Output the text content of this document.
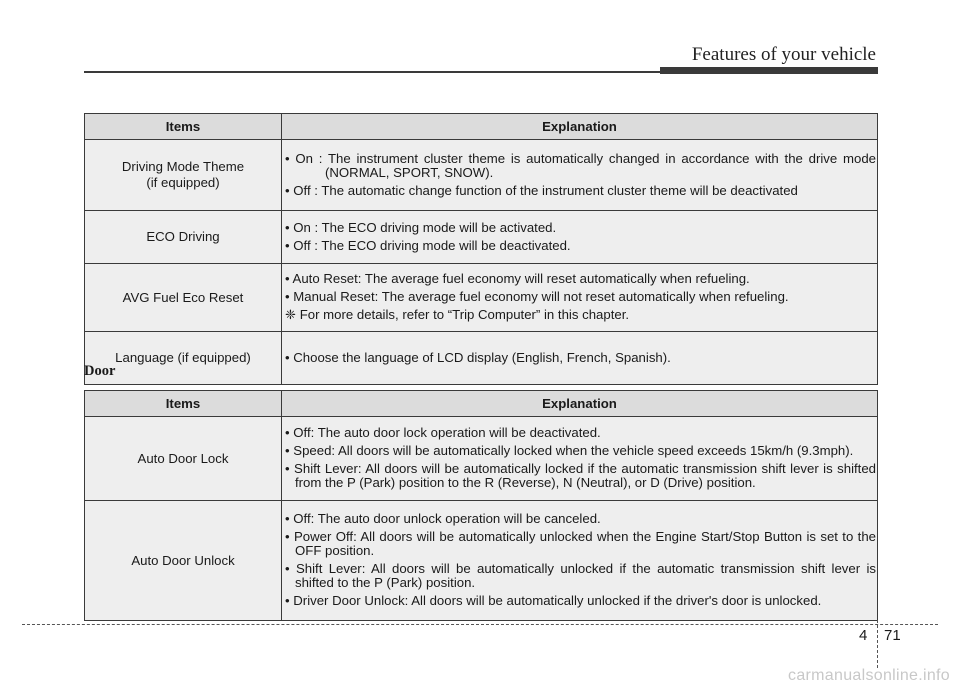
Features of your vehicle
Items	Explanation
Driving Mode Theme
(if equipped)	• On : The instrument cluster theme is automatically changed in accordance with the drive mode (NORMAL, SPORT, SNOW).
• Off : The automatic change function of the instrument cluster theme will be deactivated

ECO Driving	• On : The ECO driving mode will be activated.
• Off : The ECO driving mode will be deactivated.

AVG Fuel Eco Reset	• Auto Reset: The average fuel economy will reset automatically when refueling.
• Manual Reset: The average fuel economy will not reset automatically when refueling.
❈ For more details, refer to “Trip Computer” in this chapter.

Language (if equipped)	• Choose the language of LCD display (English, French, Spanish).
Door
Items	Explanation
Auto Door Lock	• Off: The auto door lock operation will be deactivated.
• Speed: All doors will be automatically locked when the vehicle speed exceeds 15km/h (9.3mph).
• Shift Lever: All doors will be automatically locked if the automatic transmission shift lever is shifted from the P (Park) position to the R (Reverse), N (Neutral), or D (Drive) position.

Auto Door Unlock	• Off: The auto door unlock operation will be canceled.
• Power Off: All doors will be automatically unlocked when the Engine Start/Stop Button is set to the OFF position.
• Shift Lever: All doors will be automatically unlocked if the automatic transmission shift lever is shifted to the P (Park) position.
• Driver Door Unlock: All doors will be automatically unlocked if the driver's door is unlocked.
4 71
carmanualsonline.info
